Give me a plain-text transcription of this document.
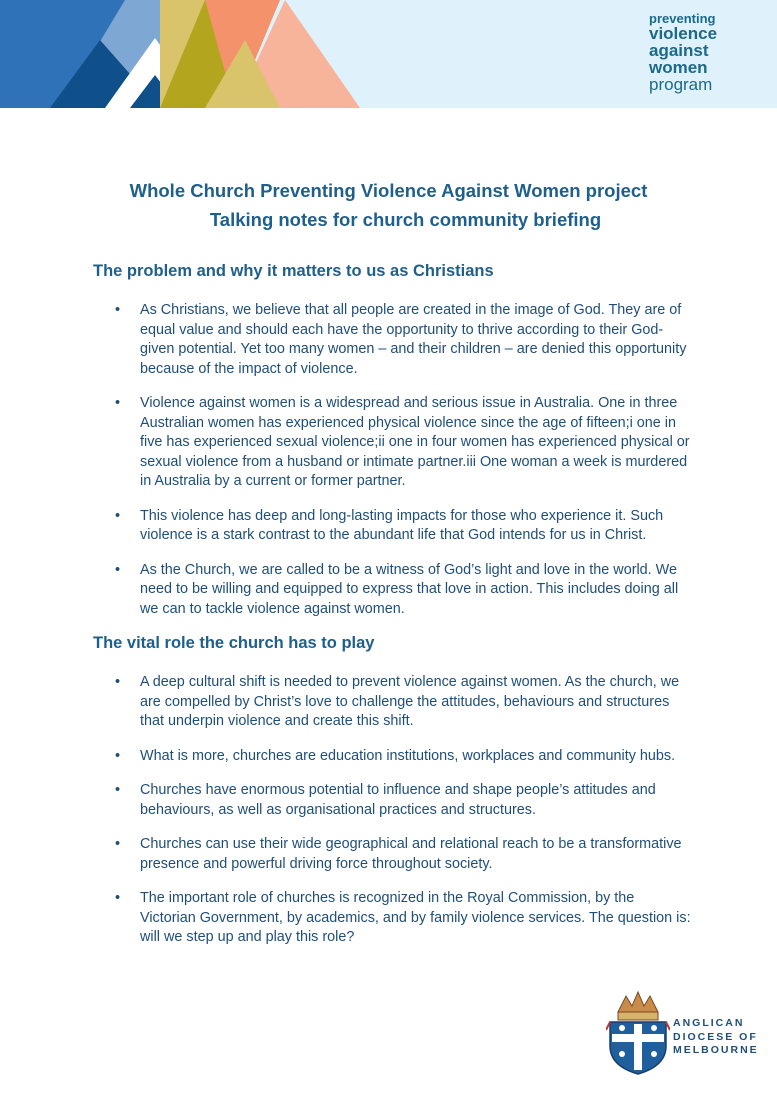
preventing
violence
against
women
program
Whole Church Preventing Violence Against Women project
Talking notes for church community briefing
The problem and why it matters to us as Christians
• As Christians, we believe that all people are created in the image of God. They are of equal value and should each have the opportunity to thrive according to their God-given potential. Yet too many women – and their children – are denied this opportunity because of the impact of violence.
• Violence against women is a widespread and serious issue in Australia. One in three Australian women has experienced physical violence since the age of fifteen;i one in five has experienced sexual violence;ii one in four women has experienced physical or sexual violence from a husband or intimate partner.iii One woman a week is murdered in Australia by a current or former partner.
• This violence has deep and long-lasting impacts for those who experience it. Such violence is a stark contrast to the abundant life that God intends for us in Christ.
• As the Church, we are called to be a witness of God’s light and love in the world. We need to be willing and equipped to express that love in action. This includes doing all we can to tackle violence against women.
The vital role the church has to play
• A deep cultural shift is needed to prevent violence against women. As the church, we are compelled by Christ’s love to challenge the attitudes, behaviours and structures that underpin violence and create this shift.
• What is more, churches are education institutions, workplaces and community hubs.
• Churches have enormous potential to influence and shape people’s attitudes and behaviours, as well as organisational practices and structures.
• Churches can use their wide geographical and relational reach to be a transformative presence and powerful driving force throughout society.
• The important role of churches is recognized in the Royal Commission, by the Victorian Government, by academics, and by family violence services. The question is: will we step up and play this role?
ANGLICAN
DIOCESE OF
MELBOURNE
